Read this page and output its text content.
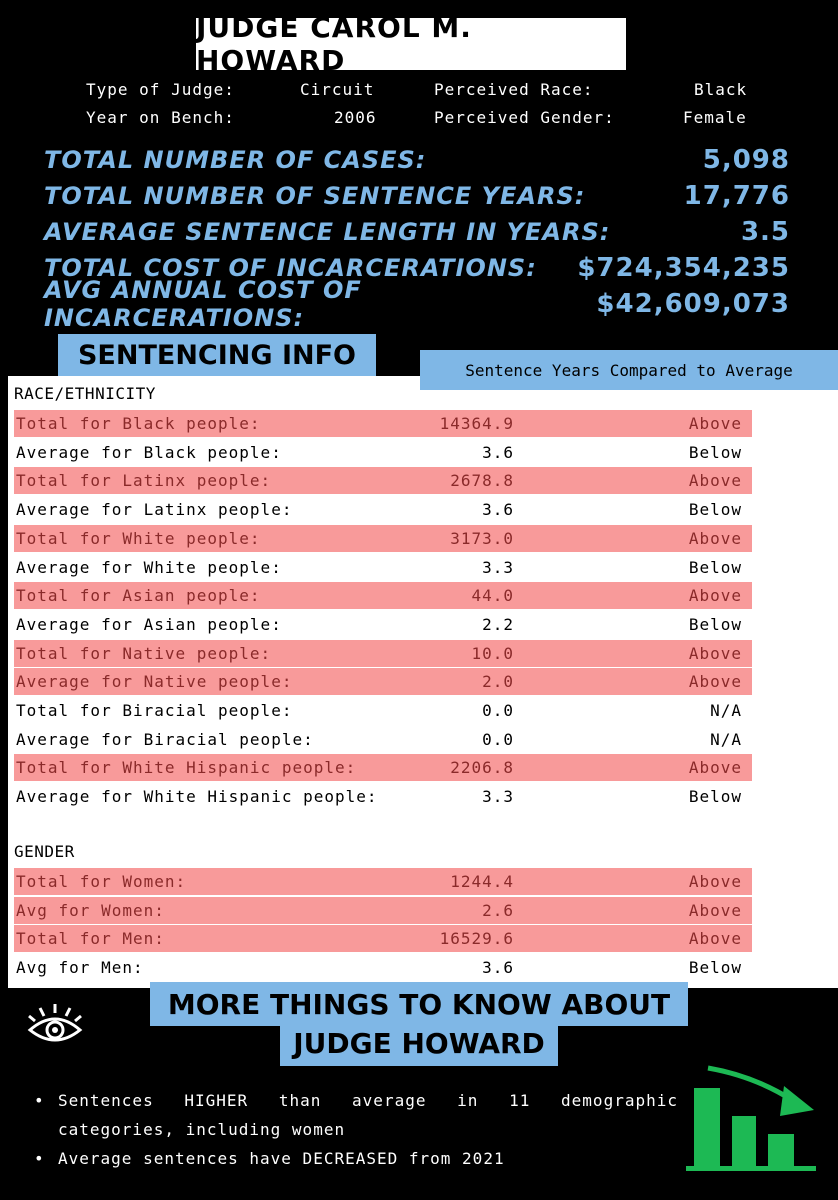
JUDGE CAROL M. HOWARD
Type of Judge:	Circuit
Year on Bench:	2006
Perceived Race:	Black
Perceived Gender:	Female
TOTAL NUMBER OF CASES:	5,098
TOTAL NUMBER OF SENTENCE YEARS:	17,776
AVERAGE SENTENCE LENGTH IN YEARS:	3.5
TOTAL COST OF INCARCERATIONS: $724,354,235
AVG ANNUAL COST OF INCARCERATIONS:	$42,609,073
RACE/ETHNICITY
Total for Black people:	14364.9	Above
Average for Black people:	3.6	Below
Total for Latinx people:	2678.8	Above
Average for Latinx people:	3.6	Below
Total for White people:	3173.0	Above
Average for White people:	3.3	Below
Total for Asian people:	44.0	Above
Average for Asian people:	2.2	Below
Total for Native people:	10.0	Above
Average for Native people:	2.0	Above
Total for Biracial people:	0.0	N/A
Average for Biracial people:	0.0	N/A
Total for White Hispanic people:	2206.8	Above
Average for White Hispanic people:	3.3	Below
GENDER
Total for Women:	1244.4	Above
Avg for Women:	2.6	Above
Total for Men:	16529.6	Above
Avg for Men:	3.6	Below
SENTENCING INFO	Sentence Years Compared to Average
MORE THINGS TO KNOW ABOUT
JUDGE HOWARD
• Sentences HIGHER than average in 11 demographic categories, including women
• Average sentences have DECREASED from 2021
